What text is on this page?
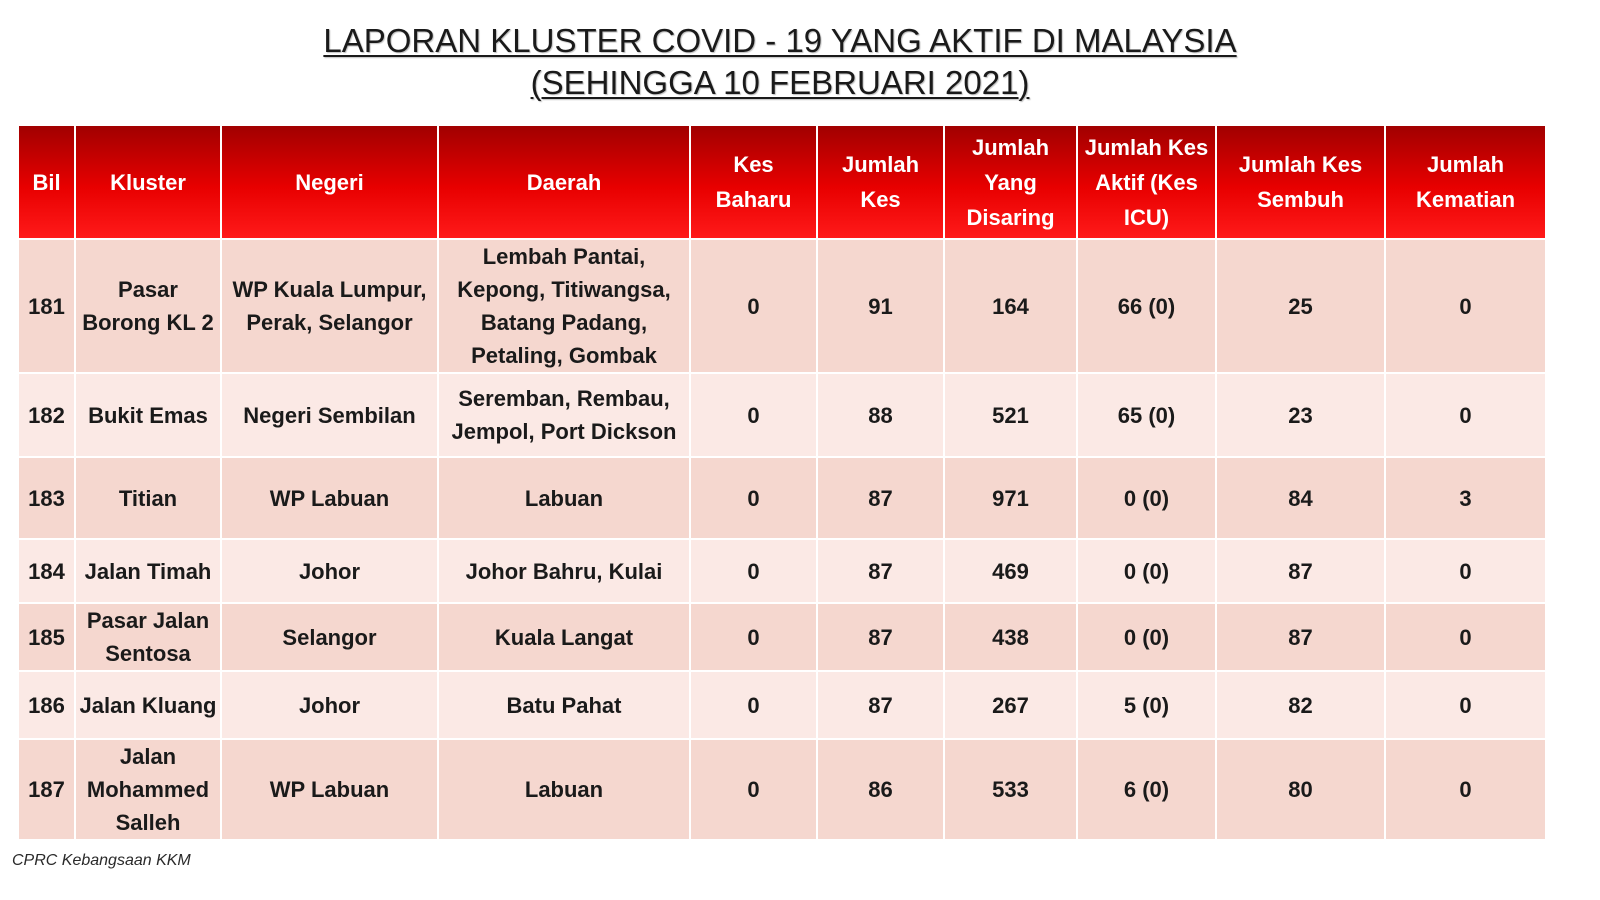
LAPORAN KLUSTER COVID - 19 YANG AKTIF DI MALAYSIA
(SEHINGGA 10 FEBRUARI 2021)
Bil	Kluster	Negeri	Daerah	Kes Baharu	Jumlah Kes	Jumlah Yang Disaring	Jumlah Kes Aktif (Kes ICU)	Jumlah Kes Sembuh	Jumlah Kematian
181	Pasar Borong KL 2	WP Kuala Lumpur, Perak, Selangor	Lembah Pantai, Kepong, Titiwangsa, Batang Padang, Petaling, Gombak	0	91	164	66 (0)	25	0
182	Bukit Emas	Negeri Sembilan	Seremban, Rembau, Jempol, Port Dickson	0	88	521	65 (0)	23	0
183	Titian	WP Labuan	Labuan	0	87	971	0 (0)	84	3
184	Jalan Timah	Johor	Johor Bahru, Kulai	0	87	469	0 (0)	87	0
185	Pasar Jalan Sentosa	Selangor	Kuala Langat	0	87	438	0 (0)	87	0
186	Jalan Kluang	Johor	Batu Pahat	0	87	267	5 (0)	82	0
187	Jalan Mohammed Salleh	WP Labuan	Labuan	0	86	533	6 (0)	80	0
CPRC Kebangsaan KKM
